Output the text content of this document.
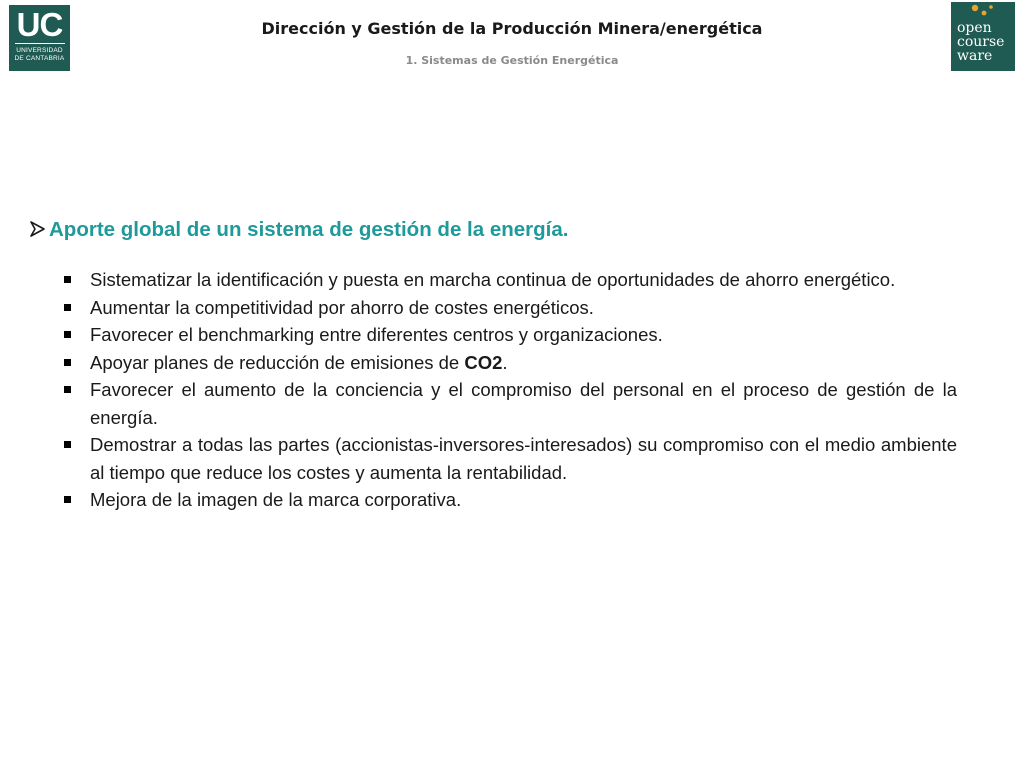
UC
UNIVERSIDAD
DE CANTABRIA
Dirección y Gestión de la Producción Minera/energética
1. Sistemas de Gestión Energética
open
course
ware
Aporte global de un sistema de gestión de la energía.
Sistematizar la identificación y puesta en marcha continua de oportunidades de ahorro energético.
Aumentar la competitividad por ahorro de costes energéticos.
Favorecer el benchmarking entre diferentes centros y organizaciones.
Apoyar planes de reducción de emisiones de CO2.
Favorecer el aumento de la conciencia y el compromiso del personal en el proceso de gestión de la energía.
Demostrar a todas las partes (accionistas-inversores-interesados) su compromiso con el medio ambiente al tiempo que reduce los costes y aumenta la rentabilidad.
Mejora de la imagen de la marca corporativa.
